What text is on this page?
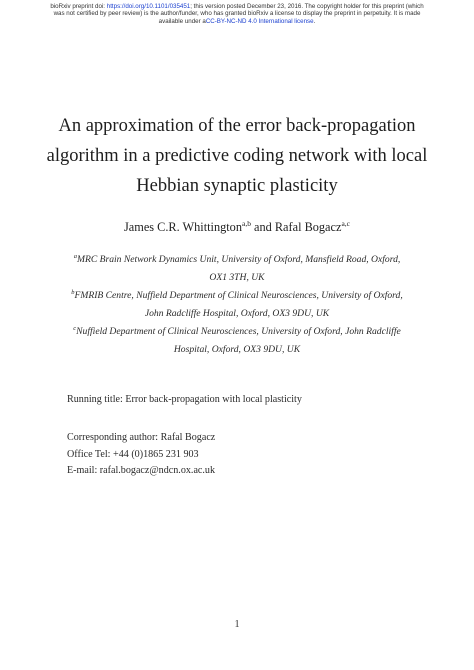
bioRxiv preprint doi: https://doi.org/10.1101/035451; this version posted December 23, 2016. The copyright holder for this preprint (which
was not certified by peer review) is the author/funder, who has granted bioRxiv a license to display the preprint in perpetuity. It is made
available under aCC-BY-NC-ND 4.0 International license.
An approximation of the error back-propagation
algorithm in a predictive coding network with local
Hebbian synaptic plasticity
James C.R. Whittington$^{a,b}$ and Rafal Bogacz$^{a,c}$
$^a$MRC Brain Network Dynamics Unit, University of Oxford, Mansfield Road, Oxford,
OX1 3TH, UK
$^b$FMRIB Centre, Nuffield Department of Clinical Neurosciences, University of Oxford,
John Radcliffe Hospital, Oxford, OX3 9DU, UK
$^c$Nuffield Department of Clinical Neurosciences, University of Oxford, John Radcliffe
Hospital, Oxford, OX3 9DU, UK
Running title: Error back-propagation with local plasticity
Corresponding author: Rafal Bogacz
Office Tel: +44 (0)1865 231 903
E-mail: rafal.bogacz@ndcn.ox.ac.uk
1
